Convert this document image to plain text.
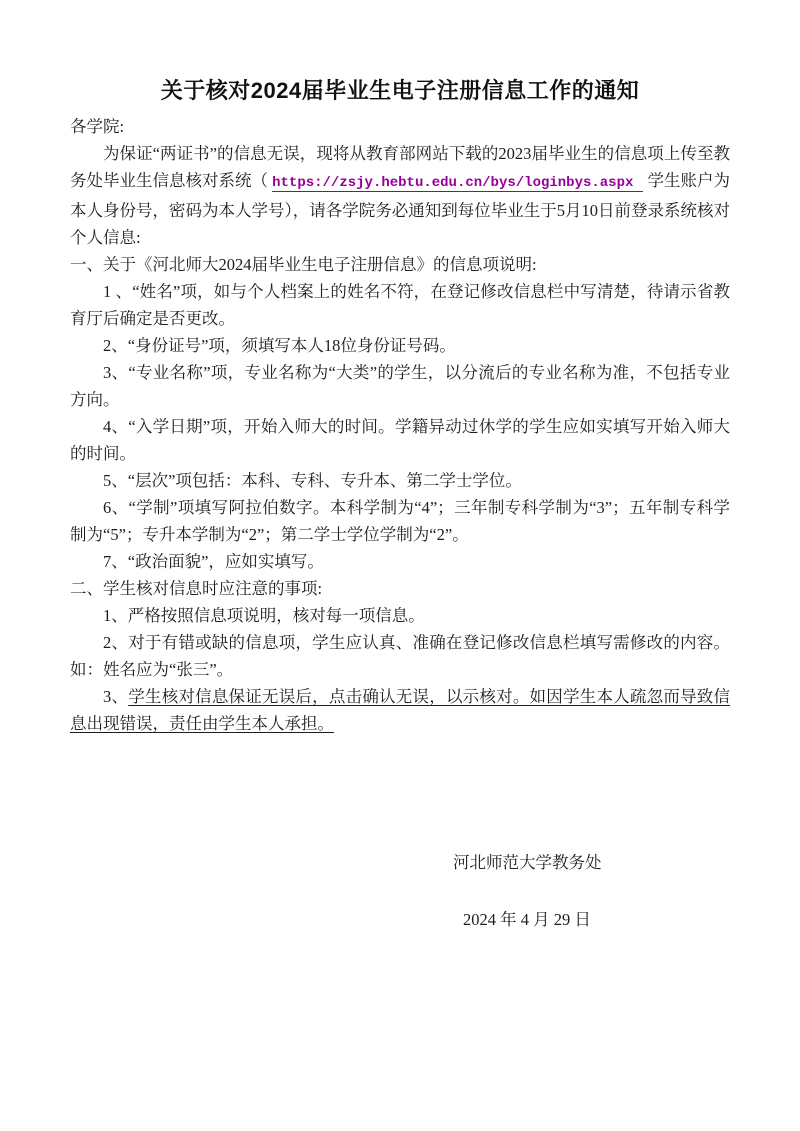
关于核对2024届毕业生电子注册信息工作的通知

各学院:

为保证“两证书”的信息无误，现将从教育部网站下载的2023届毕业生的信息项上传至教务处毕业生信息核对系统（ https://zsjy.hebtu.edu.cn/bys/loginbys.aspx 学生账户为本人身份号，密码为本人学号），请各学院务必通知到每位毕业生于5月10日前登录系统核对个人信息:

一、关于《河北师大2024届毕业生电子注册信息》的信息项说明:

1 、“姓名”项，如与个人档案上的姓名不符，在登记修改信息栏中写清楚，待请示省教育厅后确定是否更改。

2、“身份证号”项，须填写本人18位身份证号码。

3、“专业名称”项，专业名称为“大类”的学生，以分流后的专业名称为准，不包括专业方向。

4、“入学日期”项，开始入师大的时间。学籍异动过休学的学生应如实填写开始入师大的时间。

5、“层次”项包括：本科、专科、专升本、第二学士学位。

6、“学制”项填写阿拉伯数字。本科学制为“4”；三年制专科学制为“3”；五年制专科学制为“5”；专升本学制为“2”；第二学士学位学制为“2”。

7、“政治面貌”，应如实填写。

二、学生核对信息时应注意的事项:

1、严格按照信息项说明，核对每一项信息。

2、对于有错或缺的信息项，学生应认真、准确在登记修改信息栏填写需修改的内容。如：姓名应为“张三”。

3、学生核对信息保证无误后，点击确认无误，以示核对。如因学生本人疏忽而导致信息出现错误，责任由学生本人承担。

河北师范大学教务处
2024 年 4 月 29 日
